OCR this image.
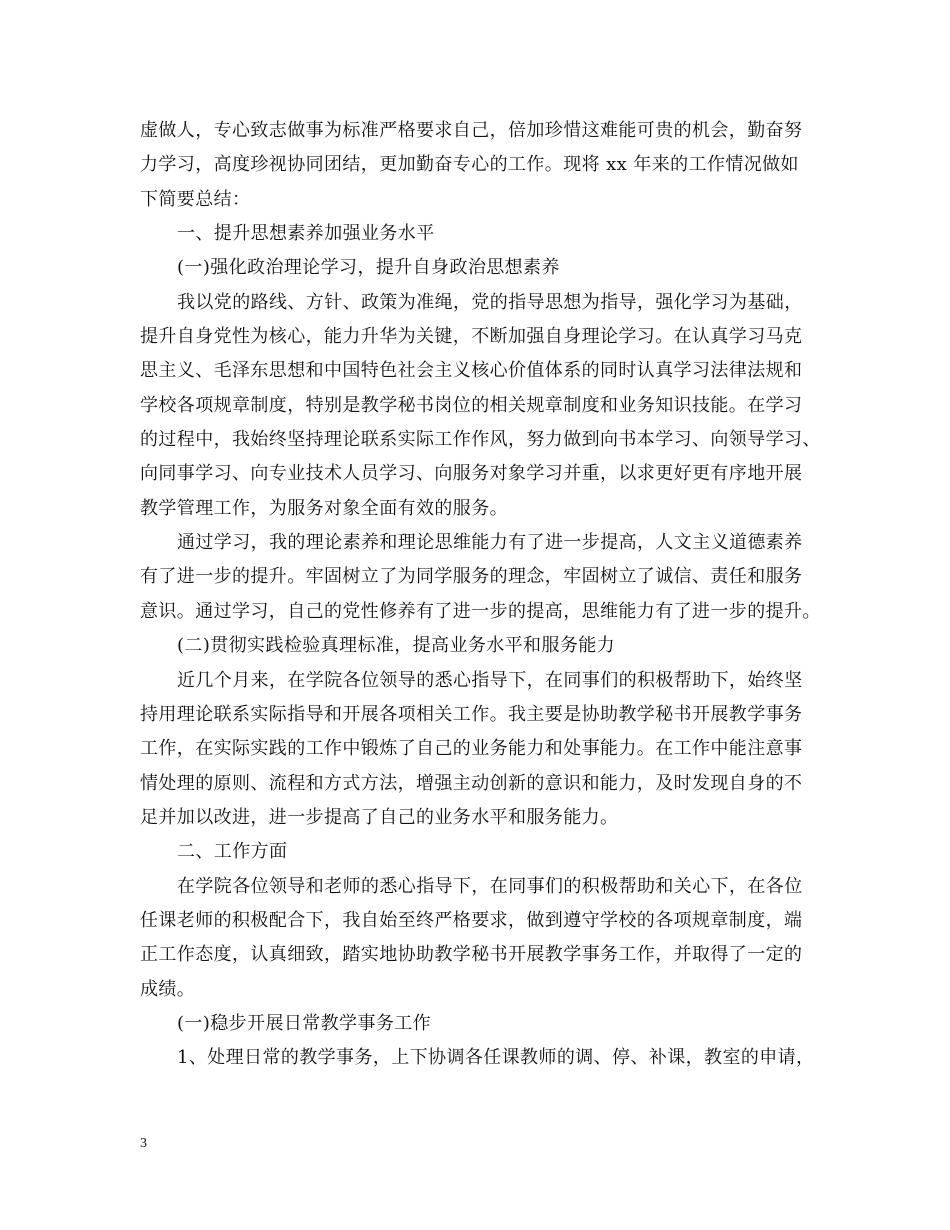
虚做人，专心致志做事为标准严格要求自己，倍加珍惜这难能可贵的机会，勤奋努
力学习，高度珍视协同团结，更加勤奋专心的工作。现将 xx 年来的工作情况做如
下简要总结：
一、提升思想素养加强业务水平
(一)强化政治理论学习，提升自身政治思想素养
我以党的路线、方针、政策为准绳，党的指导思想为指导，强化学习为基础，
提升自身党性为核心，能力升华为关键，不断加强自身理论学习。在认真学习马克
思主义、毛泽东思想和中国特色社会主义核心价值体系的同时认真学习法律法规和
学校各项规章制度，特别是教学秘书岗位的相关规章制度和业务知识技能。在学习
的过程中，我始终坚持理论联系实际工作作风，努力做到向书本学习、向领导学习、
向同事学习、向专业技术人员学习、向服务对象学习并重，以求更好更有序地开展
教学管理工作，为服务对象全面有效的服务。
通过学习，我的理论素养和理论思维能力有了进一步提高，人文主义道德素养
有了进一步的提升。牢固树立了为同学服务的理念，牢固树立了诚信、责任和服务
意识。通过学习，自己的党性修养有了进一步的提高，思维能力有了进一步的提升。
(二)贯彻实践检验真理标准，提高业务水平和服务能力
近几个月来，在学院各位领导的悉心指导下，在同事们的积极帮助下，始终坚
持用理论联系实际指导和开展各项相关工作。我主要是协助教学秘书开展教学事务
工作，在实际实践的工作中锻炼了自己的业务能力和处事能力。在工作中能注意事
情处理的原则、流程和方式方法，增强主动创新的意识和能力，及时发现自身的不
足并加以改进，进一步提高了自己的业务水平和服务能力。
二、工作方面
在学院各位领导和老师的悉心指导下，在同事们的积极帮助和关心下，在各位
任课老师的积极配合下，我自始至终严格要求，做到遵守学校的各项规章制度，端
正工作态度，认真细致，踏实地协助教学秘书开展教学事务工作，并取得了一定的
成绩。
(一)稳步开展日常教学事务工作
1、处理日常的教学事务，上下协调各任课教师的调、停、补课，教室的申请，
3
